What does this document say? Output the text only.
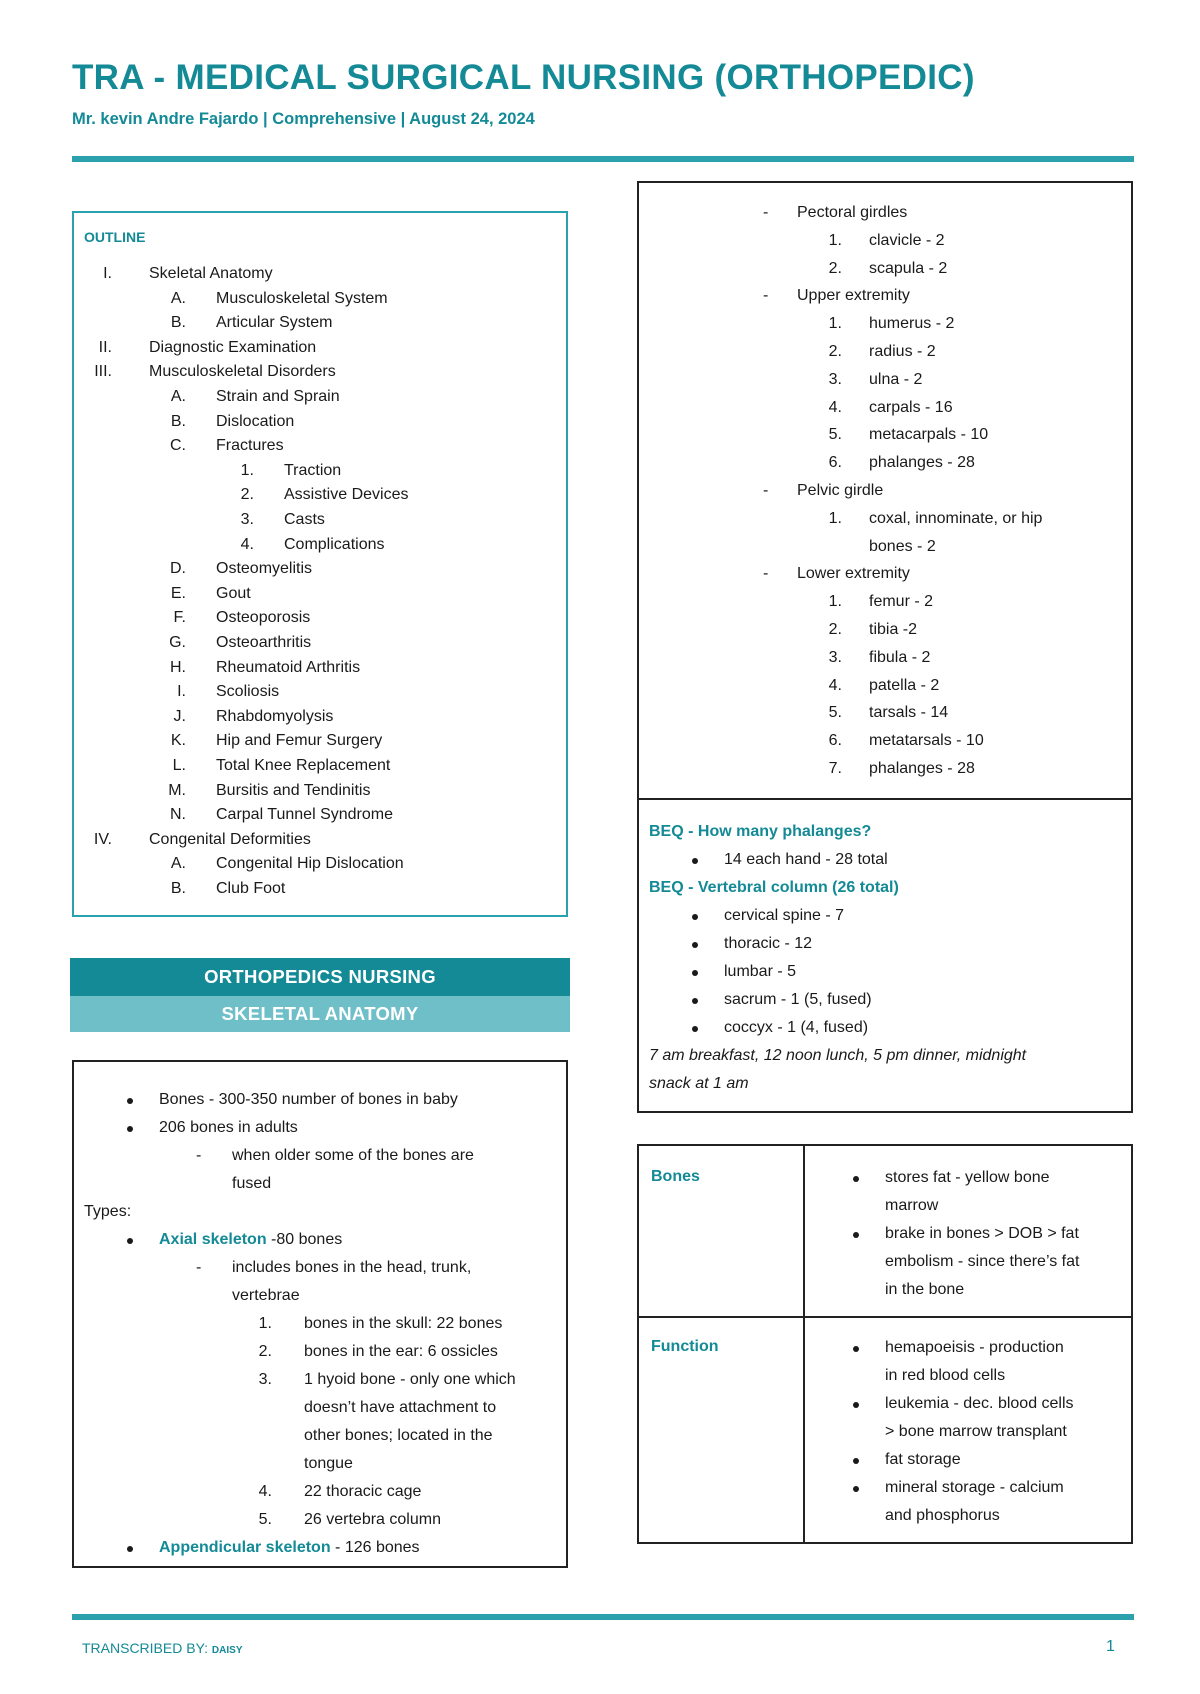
TRA - MEDICAL SURGICAL NURSING (ORTHOPEDIC)
Mr. kevin Andre Fajardo | Comprehensive | August 24, 2024
OUTLINE
I. Skeletal Anatomy
A. Musculoskeletal System
B. Articular System
II. Diagnostic Examination
III. Musculoskeletal Disorders
A. Strain and Sprain
B. Dislocation
C. Fractures
1. Traction
2. Assistive Devices
3. Casts
4. Complications
D. Osteomyelitis
E. Gout
F. Osteoporosis
G. Osteoarthritis
H. Rheumatoid Arthritis
I. Scoliosis
J. Rhabdomyolysis
K. Hip and Femur Surgery
L. Total Knee Replacement
M. Bursitis and Tendinitis
N. Carpal Tunnel Syndrome
IV. Congenital Deformities
A. Congenital Hip Dislocation
B. Club Foot
ORTHOPEDICS NURSING
SKELETAL ANATOMY
Bones - 300-350 number of bones in baby
206 bones in adults
- when older some of the bones are
fused
Types:
Axial skeleton -80 bones
- includes bones in the head, trunk,
vertebrae
1. bones in the skull: 22 bones
2. bones in the ear: 6 ossicles
3. 1 hyoid bone - only one which
doesn’t have attachment to
other bones; located in the
tongue
4. 22 thoracic cage
5. 26 vertebra column
Appendicular skeleton - 126 bones
- Pectoral girdles
1. clavicle - 2
2. scapula - 2
- Upper extremity
1. humerus - 2
2. radius - 2
3. ulna - 2
4. carpals - 16
5. metacarpals - 10
6. phalanges - 28
- Pelvic girdle
1. coxal, innominate, or hip
bones - 2
- Lower extremity
1. femur - 2
2. tibia -2
3. fibula - 2
4. patella - 2
5. tarsals - 14
6. metatarsals - 10
7. phalanges - 28
BEQ - How many phalanges?
14 each hand - 28 total
BEQ - Vertebral column (26 total)
cervical spine - 7
thoracic - 12
lumbar - 5
sacrum - 1 (5, fused)
coccyx - 1 (4, fused)
7 am breakfast, 12 noon lunch, 5 pm dinner, midnight
snack at 1 am
Bones	stores fat - yellow bone
marrow
brake in bones > DOB > fat
embolism - since there’s fat
in the bone
Function	hemapoeisis - production
in red blood cells
leukemia - dec. blood cells
> bone marrow transplant
fat storage
mineral storage - calcium
and phosphorus
TRANSCRIBED BY: DAISY	1
